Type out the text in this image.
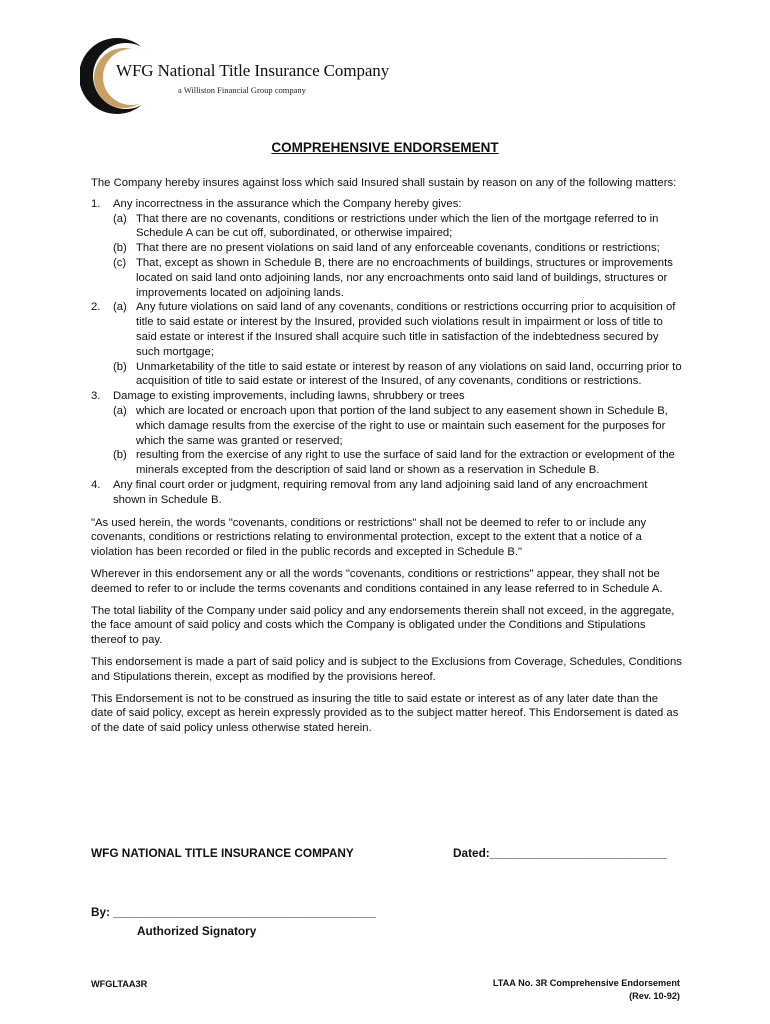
WFG National Title Insurance Company
a Williston Financial Group company
COMPREHENSIVE ENDORSEMENT

The Company hereby insures against loss which said Insured shall sustain by reason on any of the following matters:

1. Any incorrectness in the assurance which the Company hereby gives:
(a) That there are no covenants, conditions or restrictions under which the lien of the mortgage referred to in Schedule A can be cut off, subordinated, or otherwise impaired;
(b) That there are no present violations on said land of any enforceable covenants, conditions or restrictions;
(c) That, except as shown in Schedule B, there are no encroachments of buildings, structures or improvements located on said land onto adjoining lands, nor any encroachments onto said land of buildings, structures or improvements located on adjoining lands.
2. (a) Any future violations on said land of any covenants, conditions or restrictions occurring prior to acquisition of title to said estate or interest by the Insured, provided such violations result in impairment or loss of title to said estate or interest if the Insured shall acquire such title in satisfaction of the indebtedness secured by such mortgage;
(b) Unmarketability of the title to said estate or interest by reason of any violations on said land, occurring prior to acquisition of title to said estate or interest of the Insured, of any covenants, conditions or restrictions.
3. Damage to existing improvements, including lawns, shrubbery or trees
(a) which are located or encroach upon that portion of the land subject to any easement shown in Schedule B, which damage results from the exercise of the right to use or maintain such easement for the purposes for which the same was granted or reserved;
(b) resulting from the exercise of any right to use the surface of said land for the extraction or evelopment of the minerals excepted from the description of said land or shown as a reservation in Schedule B.
4. Any final court order or judgment, requiring removal from any land adjoining said land of any encroachment shown in Schedule B.

"As used herein, the words "covenants, conditions or restrictions" shall not be deemed to refer to or include any covenants, conditions or restrictions relating to environmental protection, except to the extent that a notice of a violation has been recorded or filed in the public records and excepted in Schedule B."

Wherever in this endorsement any or all the words "covenants, conditions or restrictions" appear, they shall not be deemed to refer to or include the terms covenants and conditions contained in any lease referred to in Schedule A.

The total liability of the Company under said policy and any endorsements therein shall not exceed, in the aggregate, the face amount of said policy and costs which the Company is obligated under the Conditions and Stipulations thereof to pay.

This endorsement is made a part of said policy and is subject to the Exclusions from Coverage, Schedules, Conditions and Stipulations therein, except as modified by the provisions hereof.

This Endorsement is not to be construed as insuring the title to said estate or interest as of any later date than the date of said policy, except as herein expressly provided as to the subject matter hereof. This Endorsement is dated as of the date of said policy unless otherwise stated herein.

WFG NATIONAL TITLE INSURANCE COMPANY	Dated:___________________________
By: ________________________________________
Authorized Signatory
WFGLTAA3R	LTAA No. 3R Comprehensive Endorsement
(Rev. 10-92)
